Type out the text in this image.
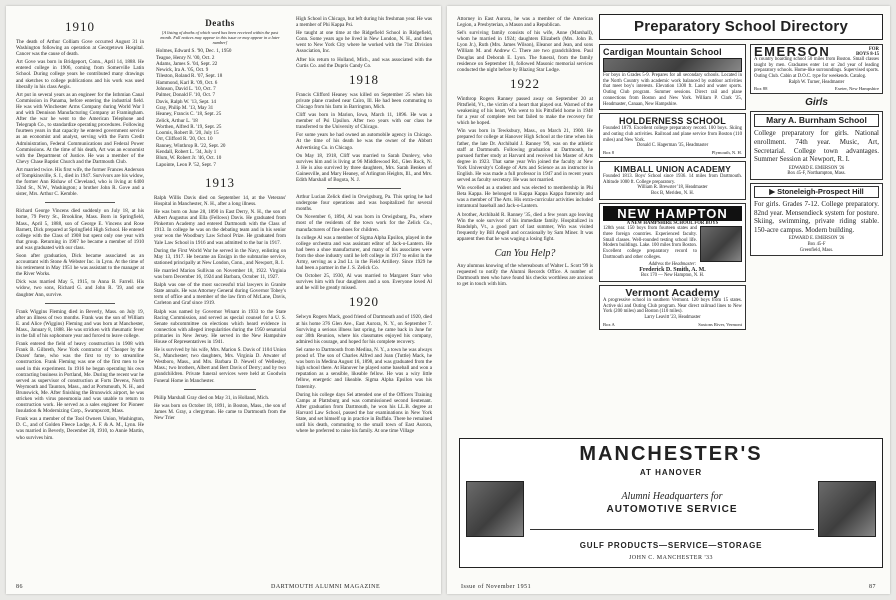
1910

The death of Arthur Colliam Gove occurred August 31 in Washington following an operation at Georgetown Hospital. Cancer was the cause of death.

Art Gove was born in Bridgeport, Conn., April 14, 1888. He entered college in 1906, coming from Somerville Latin School. During college years he contributed many drawings and sketches to college publications and his work was used liberally in his class Aegis.

Art put in several years as an engineer for the Isthmian Canal Commission in Panama, before entering the industrial field. He was with Winchester Arms Company during World War I and with Dennison Manufacturing Company at Framingham. After the war he went to the American Telephone and Telegraph Co., to standardize operating procedures. Following fourteen years in that capacity he entered government service as an economist and analyst, serving with the Farm Credit Administration, Federal Communications and Federal Power Commissions. At the time of his death, Art was an economist with the Department of Justice. He was a member of the Chevy Chase Baptist Church and the Dartmouth Club.

Art married twice. His first wife, the former Frances Anderson of Tompkinsville, S. I., died in 1947. Survivors are his widow, the former Ann Rishaw of Cleveland, who is living at 6400 32nd St., N.W., Washington; a brother John R. Gove and a sister, Mrs. Arthur C. Kemble.

Richard George Vincens died suddenly on July 18, at his home, 79 Perry St., Brookline, Mass. Born in Springfield, Mass., April 5, 1888, son of George E. Vincens and Rose Barnett, Dick prepared at Springfield High School. He entered college with the Class of 1908 but spent only one year with that group. Returning in 1907 he became a member of 1910 and was graduated with our class.

Soon after graduation, Dick became associated as an accountant with Stone & Webster Inc. in Lynn. At the time of his retirement in May 1951 he was assistant to the manager at the River Works.

Dick was married May 5, 1915, to Anna B. Farrell. His widow, two sons, Richard G. and John R. '39, and one daughter Ann, survive.

Frank Wiggins Fleming died in Beverly, Mass. on July 19, after an illness of two months. Frank was the son of William E. and Alice (Wiggins) Fleming and was born at Manchester, Mass., January 8, 1888. He was stricken with rheumatic fever in the fall of his sophomore year and forced to leave college.

Frank entered the field of heavy construction in 1908 with Frank B. Gilbreth, New York contractor of 'Cheaper by the Dozen' fame, who was the first to try to streamline construction. Frank Fleming was one of the first men to be used in this experiment. In 1916 he began operating his own contracting business in Portland, Me. During the recent war he served as supervisor of construction at Forts Devens, North Weymouth and Taunton, Mass., and at Portsmouth, N. H., and Brunswick, Me. After finishing the Brunswick airport, he was stricken with virus pneumonia and was unable to return to construction work. He served as a sales engineer for Pioneer Insulation & Modernizing Corp., Swampscott, Mass.

Frank was a member of the Tool Owners Union, Washington, D. C., and of Golden Fleece Lodge, A. F. & A. M., Lynn. He was married in Beverly, December 28, 1910, to Annie Martin, who survives him.

Deaths
[A listing of deaths of which word has been received within the past month. Full notices may appear in this issue or may appear in a later number]
Holmes, Edward S. '90, Dec. 1, 1950
Teague, Henry N. '00, Oct. 2
Adams, James S. '04, Sept. 22
Newick, Ira A. '05, Oct. 9
Tileston, Roland R. '07, Sept. 18
Hammond, Karl R. '09, Oct. 6
Johnson, David L. '10, Oct. 7
Palmer, Donald F. '10, Oct. 7
Davis, Ralph W. '13, Sept. 14
Gray, Philip M. '13, May 31
Heaney, Francis C. '18, Sept. 25
Zelick, Arthur L. '18
Worthen, Alfred R. '19, Sept. 25
Loomis, Robert B. '20, July 15
Orr, Clifford R. '20, Oct. 10
Ranney, Winthrop R. '22, Sept. 20
Kendall, Robert L. '34, July 1
Blum, W. Robert Jr. '46, Oct. 10
Lapointe, Leon P. '52, Sept. 7
1913

Ralph Willis Davis died on September 14, at the Veterans' Hospital in Manchester, N. H., after a long illness.

He was born on June 28, 1890 in East Derry, N. H., the son of Albert Augustus and Ella (Fellows) Davis. He graduated from Pinkerton Academy and entered Dartmouth with the Class of 1913. In college he was on the debating team and in his senior year won the Woodbury Law School Prize. He graduated from Yale Law School in 1916 and was admitted to the bar in 1917.

During the First World War he served in the Navy, enlisting on May 13, 1917. He became an Ensign in the submarine service, stationed principally at New London, Conn., and Newport, R. I.

He married Marion Sullivan on November 18, 1922. Virginia was born December 16, 1924 and Barbara, October 11, 1927.

Ralph was one of the most successful trial lawyers in Granite State annals. He was Attorney General during Governor Tobey's term of office and a member of the law firm of McLane, Davis, Carleton and Graf since 1919.

Ralph was named by Governor Winant in 1933 to the State Racing Commission, and served as special counsel for a U. S. Senate subcommittee on elections which heard evidence in connection with alleged irregularities during the 1950 senatorial primaries in New Jersey. He served in the New Hampshire House of Representatives in 1941.

He is survived by his wife, Mrs. Marion S. Davis of 1104 Union St., Manchester; two daughters, Mrs. Virginia D. Atwater of Westboro, Mass., and Mrs. Barbara D. Newell of Wellesley, Mass.; two brothers, Albert and Bert Davis of Derry; and by two grandchildren. Private funeral services were held at Goodwin Funeral Home in Manchester.

Philip Marshall Gray died on May 31, in Holland, Mich.

He was born on October 18, 1891, in Boston, Mass., the son of James M. Gray, a clergyman. He came to Dartmouth from the New Trier

High School in Chicago, but left during his freshman year. He was a member of Phi Kappa Psi.

He taught at one time at the Ridgefield School in Ridgefield, Conn. Some years ago he lived in New London, N. H., and then went to New York City where he worked with the 71st Division Association, Inc.

After his return to Holland, Mich., and was associated with the Curtis Co. and the Dupris Candy Co.

1918

Francis Clifford Heaney was killed on September 25 when his private plane crashed near Cairo, Ill. He had been commuting to Chicago from his farm in Barrington, Mich.

Cliff was born in Marion, Iowa, March 11, 1896. He was a member of Psi Upsilon. After two years with our class he transferred to the University of Chicago.

For some years he had owned an automobile agency in Chicago. At the time of his death he was the owner of the Abbott Advertising Co. in Chicago.

On May 18, 1918, Cliff was married to Sarah Dunlevy, who survives him and is living at 96 Middlewood Rd., Glen Rock, N. J. He is also survived by three daughters, Mrs. Sarah Benken of Gainesville, and Mary Heaney, of Arlington Heights, Ill., and Mrs. Edith Marshall of Bogota, N. J.

Arthur Lucian Zelick died in Orwigsburg, Pa. This spring he had undergone four operations and was hospitalized for several months.

On November 6, 1894, Al was born in Orwigsburg, Pa., where most of the residents of the town work for the Zelick Co., manufacturers of fine shoes for children.

In college Al was a member of Sigma Alpha Epsilon, played in the college orchestra and was assistant editor of Jack-o-Lantern. He had been a shoe manufacturer, and many of his associates were from the shoe industry until he left college in 1917 to enlist in the Army, serving as a 2nd Lt. in the Field Artillery. Since 1929 he had been a partner in the J. S. Zelick Co.

On October 25, 1930, Al was married to Margaret Starr who survives him with four daughters and a son. Everyone loved Al and he will be greatly missed.

1920

Selwyn Rogers Mack, good friend of Dartmouth and of 1920, died at his home 376 Glen Ave., East Aurora, N. Y., on September 7. Surviving a serious illness last spring, he came back in June for our 30th Reunion, where his classmates enjoyed his company, admired his courage, and hoped for his complete recovery.

Sel came to Dartmouth from Medina, N. Y., a town he was always proud of. The son of Charles Alfred and Joan (Tuttle) Mack, he was born in Medina August 16, 1898, and was graduated from the high school there. At Hanover he played some baseball and won a reputation as a sensible, likeable fellow. He was a wiry little fellow, energetic and likeable. Sigma Alpha Epsilon was his fraternity.

During his college days Sel attended one of the Officers Training Camps at Plattsburg and was commissioned second lieutenant. After graduation from Dartmouth, he won his LL.B. degree at Harvard Law School, passed the bar examinations in New York State, and set himself up in practice in Buffalo. There he remained until his death, commuting to the small town of East Aurora, where he preferred to raise his family. At one time Village

86	DARTMOUTH ALUMNI MAGAZINE

Attorney in East Aurora, he was a member of the American Legion, a Presbyterian, a Mason and a Republican.

Sel's surviving family consists of his wife, Anne (Marshall), whom he married in 1924; daughters Elizabeth (Mrs. John B. Lyon Jr.), Ruth (Mrs. James Wilson), Eleanor and Jean, and sons William M. and Andrew C. There are two grandchildren. Paul Douglas and Deborah E. Lyon. The funeral, from the family residence on September 10, followed Masonic memorial services conducted the night before by Blazing Star Lodge.

1922

Winthrop Rogers Ranney passed away on September 20 at Pittsfield, Vt., the victim of a heart that played out. Warned of the weakening of his heart, Win went to his Pittsfield home in 1948 for a year of complete rest but failed to make the recovery for which he hoped.

Win was born in Tewksbury, Mass., on March 21, 1900. He prepared for college at Hanover High School at the time when his father, the late Dr. Archibald J. Ranney '99, was on the athletic staff at Dartmouth. Following graduation at Dartmouth, he pursued further study at Harvard and received his Master of Arts degree in 1923. That same year Win joined the faculty at New York University's College of Arts and Science as an instructor in English. He was made a full professor in 1947 and in recent years served as faculty secretary. He was not married.

Win excelled as a student and was elected to membership in Phi Beta Kappa. He belonged to Kappa Kappa Kappa fraternity and was a member of The Arts. His extra-curricular activities included intramural baseball and Jack-o-Lantern.

A brother, Archibald R. Ranney '35, died a few years ago leaving Win the sole survivor of his immediate family. Hospitalized in Randolph, Vt., a good part of last summer, Win was visited frequently by Bill Angell and occasionally by Sam Miner. It was apparent then that he was waging a losing fight.

Can You Help?
Any alumnus knowing of the whereabouts of Walter L. Scott '99 is requested to notify the Alumni Records Office. A number of Dartmouth men who have found his checks worthless are anxious to get in touch with him.
Preparatory School Directory
Cardigan Mountain School
For boys in Grades 5-9. Prepares for all secondary schools. Located in the North Country with academic work balanced by outdoor activities that meet boy's interests. Elevation 1300 ft. Land and water sports. Outing Club program. Summer sessions. Direct rail and plane connections from Boston and New York. William P. Clark '25, Headmaster, Canaan, New Hampshire.
HOLDERNESS SCHOOL
Founded 1879. Excellent college preparatory record. 100 boys. Skiing and outing club activities. Railroad and plane service from Boston (110 miles) and New York.
Donald C. Hagerman '35, Headmaster
Box 8	Plymouth, N. H.
KIMBALL UNION ACADEMY
Founded 1813. Boys' School since 1936. 14 miles from Dartmouth. Altitude 1000 ft. College preparatory.
William R. Brewster '18, Headmaster
Box B, Meriden, N. H.
NEW HAMPTON
A NEW HAMPSHIRE SCHOOL FOR BOYS
128th year. 150 boys from fourteen states and three foreign countries. Experienced faculty. Small classes. Well-rounded testing school life. Modern buildings. Lake. 100 miles from Boston. Excellent college preparatory record to Dartmouth and other colleges.
Address the Headmaster:
Frederick D. Smith, A. M.
Box 170 — New Hampton, N. H.
Vermont Academy
A progressive school in southern Vermont. 120 boys from 15 states. Active ski and Outing Club program. Near direct railroad lines to New York (200 miles) and Boston (110 miles).
Larry Leavitt '23, Headmaster
Box A	Saxtons River, Vermont
EMERSON	FOR BOYS 8-15
A country boarding school 50 miles from Boston. Small classes taught by men. Graduates enter 1st or 2nd year of leading preparatory schools. Home-like surroundings. Supervised sports. Outing Club. Cabin at D.O.C. type for weekends. Catalog.
Ralph W. Turner, Headmaster
Box 88	Exeter, New Hampshire
Girls
Mary A. Burnham School
College preparatory for girls. National enrollment. 74th year. Music, Art, Secretarial. College town advantages. Summer Session at Newport, R. I.
EDWARD E. EMERSON '26
Box 45-F, Northampton, Mass.
▶ Stoneleigh-Prospect Hill
For girls. Grades 7-12. College preparatory. 82nd year. Mensendieck system for posture. Skiing, swimming, private riding stable. 150-acre campus. Modern building.
EDWARD E. EMERSON '26
Box 45-F
Greenfield, Mass.
MANCHESTER'S
AT HANOVER
Alumni Headquarters for
AUTOMOTIVE SERVICE
GULF PRODUCTS—SERVICE—STORAGE
JOHN C. MANCHESTER '33
Issue of November 1951	87
